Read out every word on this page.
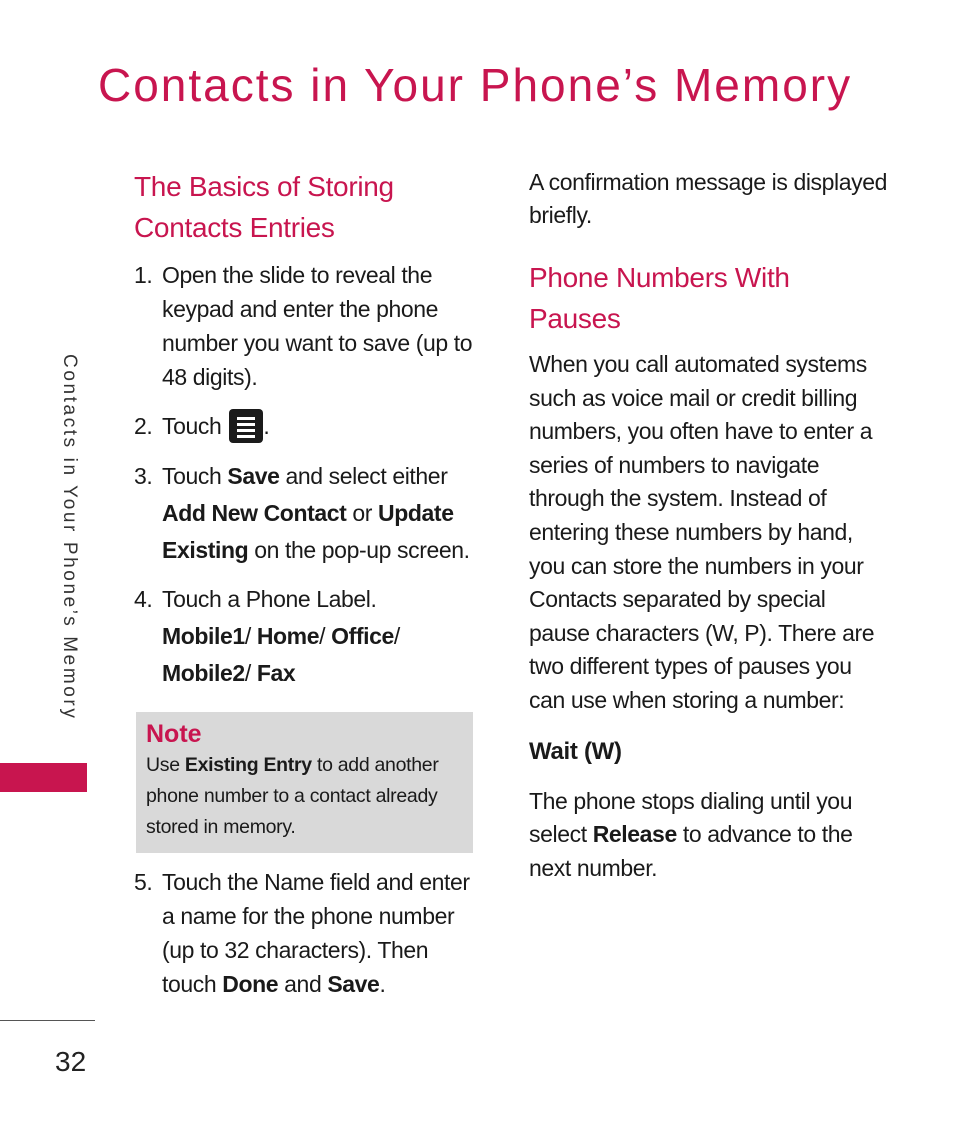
Contacts in Your Phone’s Memory
Contacts in Your Phone’s Memory
32
The Basics of Storing
Contacts Entries
1. Open the slide to reveal the keypad and enter the phone number you want to save (up to 48 digits).
2. Touch .
3. Touch Save and select either Add New Contact or Update Existing on the pop-up screen.
4. Touch a Phone Label.
Mobile1/ Home/ Office/
Mobile2/ Fax
Note
Use Existing Entry to add another phone number to a contact already stored in memory.
5. Touch the Name field and enter a name for the phone number (up to 32 characters). Then touch Done and Save.

A confirmation message is displayed briefly.

Phone Numbers With
Pauses

When you call automated systems such as voice mail or credit billing numbers, you often have to enter a series of numbers to navigate through the system. Instead of entering these numbers by hand, you can store the numbers in your Contacts separated by special pause characters (W, P). There are two different types of pauses you can use when storing a number:

Wait (W)

The phone stops dialing until you select Release to advance to the next number.
